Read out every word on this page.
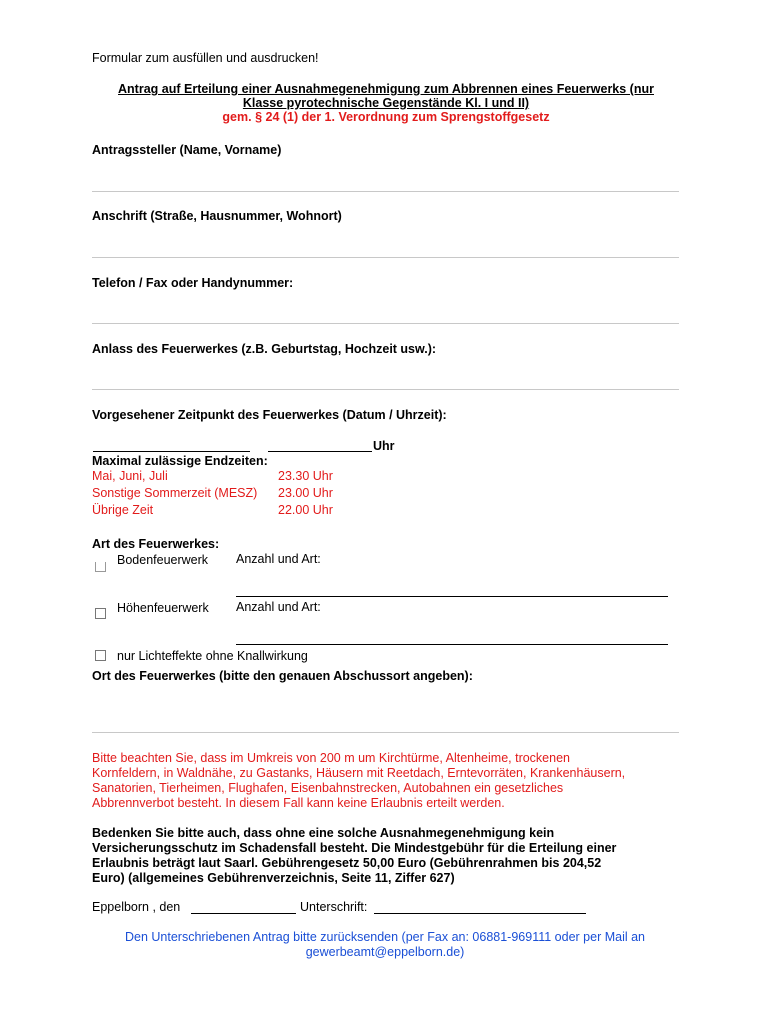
Formular zum ausfüllen und ausdrucken!
Antrag auf Erteilung einer Ausnahmegenehmigung zum Abbrennen eines Feuerwerks (nur
Klasse pyrotechnische Gegenstände Kl. I und II)
gem. § 24 (1) der 1. Verordnung zum Sprengstoffgesetz
Antragssteller (Name, Vorname)
Anschrift (Straße, Hausnummer, Wohnort)
Telefon / Fax oder Handynummer:
Anlass des Feuerwerkes (z.B. Geburtstag, Hochzeit usw.):
Vorgesehener Zeitpunkt des Feuerwerkes (Datum / Uhrzeit):
Uhr
Maximal zulässige Endzeiten:
Mai, Juni, Juli	23.30 Uhr
Sonstige Sommerzeit (MESZ) 23.00 Uhr
Übrige Zeit	22.00 Uhr
Art des Feuerwerkes:
Bodenfeuerwerk Anzahl und Art:
Höhenfeuerwerk Anzahl und Art:
nur Lichteffekte ohne Knallwirkung
Ort des Feuerwerkes (bitte den genauen Abschussort angeben):
Bitte beachten Sie, dass im Umkreis von 200 m um Kirchtürme, Altenheime, trockenen
Kornfeldern, in Waldnähe, zu Gastanks, Häusern mit Reetdach, Erntevorräten, Krankenhäusern,
Sanatorien, Tierheimen, Flughafen, Eisenbahnstrecken, Autobahnen ein gesetzliches
Abbrennverbot besteht. In diesem Fall kann keine Erlaubnis erteilt werden.
Bedenken Sie bitte auch, dass ohne eine solche Ausnahmegenehmigung kein
Versicherungsschutz im Schadensfall besteht. Die Mindestgebühr für die Erteilung einer
Erlaubnis beträgt laut Saarl. Gebührengesetz 50,00 Euro (Gebührenrahmen bis 204,52
Euro) (allgemeines Gebührenverzeichnis, Seite 11, Ziffer 627)
Eppelborn , den	Unterschrift:
Den Unterschriebenen Antrag bitte zurücksenden (per Fax an: 06881-969111 oder per Mail an
gewerbeamt@eppelborn.de)
